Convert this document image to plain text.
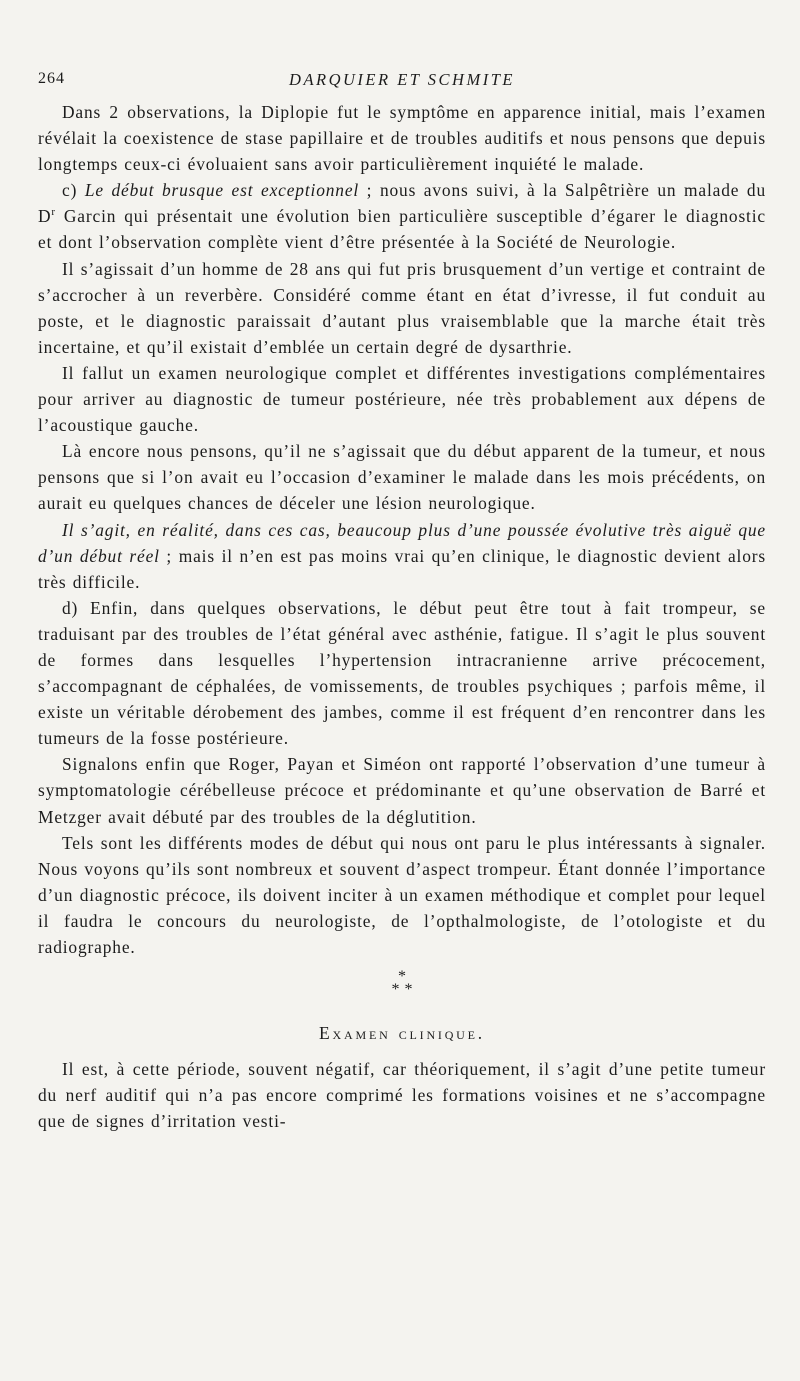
264	DARQUIER ET SCHMITE

Dans 2 observations, la Diplopie fut le symptôme en apparence initial, mais l’examen révélait la coexistence de stase papillaire et de troubles auditifs et nous pensons que depuis longtemps ceux-ci évoluaient sans avoir particulièrement inquiété le malade.

c) Le début brusque est exceptionnel ; nous avons suivi, à la Salpêtrière un malade du $D^r$ Garcin qui présentait une évolution bien particulière susceptible d’égarer le diagnostic et dont l’observation complète vient d’être présentée à la Société de Neurologie.

Il s’agissait d’un homme de 28 ans qui fut pris brusquement d’un vertige et contraint de s’accrocher à un reverbère. Considéré comme étant en état d’ivresse, il fut conduit au poste, et le diagnostic paraissait d’autant plus vraisemblable que la marche était très incertaine, et qu’il existait d’emblée un certain degré de dysarthrie.

Il fallut un examen neurologique complet et différentes investigations complémentaires pour arriver au diagnostic de tumeur postérieure, née très probablement aux dépens de l’acoustique gauche.

Là encore nous pensons, qu’il ne s’agissait que du début apparent de la tumeur, et nous pensons que si l’on avait eu l’occasion d’examiner le malade dans les mois précédents, on aurait eu quelques chances de déceler une lésion neurologique.

Il s’agit, en réalité, dans ces cas, beaucoup plus d’une poussée évolutive très aiguë que d’un début réel ; mais il n’en est pas moins vrai qu’en clinique, le diagnostic devient alors très difficile.

d) Enfin, dans quelques observations, le début peut être tout à fait trompeur, se traduisant par des troubles de l’état général avec asthénie, fatigue. Il s’agit le plus souvent de formes dans lesquelles l’hypertension intracranienne arrive précocement, s’accompagnant de céphalées, de vomissements, de troubles psychiques ; parfois même, il existe un véritable dérobement des jambes, comme il est fréquent d’en rencontrer dans les tumeurs de la fosse postérieure.

Signalons enfin que Roger, Payan et Siméon ont rapporté l’observation d’une tumeur à symptomatologie cérébelleuse précoce et prédominante et qu’une observation de Barré et Metzger avait débuté par des troubles de la déglutition.

Tels sont les différents modes de début qui nous ont paru le plus intéressants à signaler. Nous voyons qu’ils sont nombreux et souvent d’aspect trompeur. Étant donnée l’importance d’un diagnostic précoce, ils doivent inciter à un examen méthodique et complet pour lequel il faudra le concours du neurologiste, de l’opthalmologiste, de l’otologiste et du radiographe.

*
* *
Examen clinique.

Il est, à cette période, souvent négatif, car théoriquement, il s’agit d’une petite tumeur du nerf auditif qui n’a pas encore comprimé les formations voisines et ne s’accompagne que de signes d’irritation vesti-
